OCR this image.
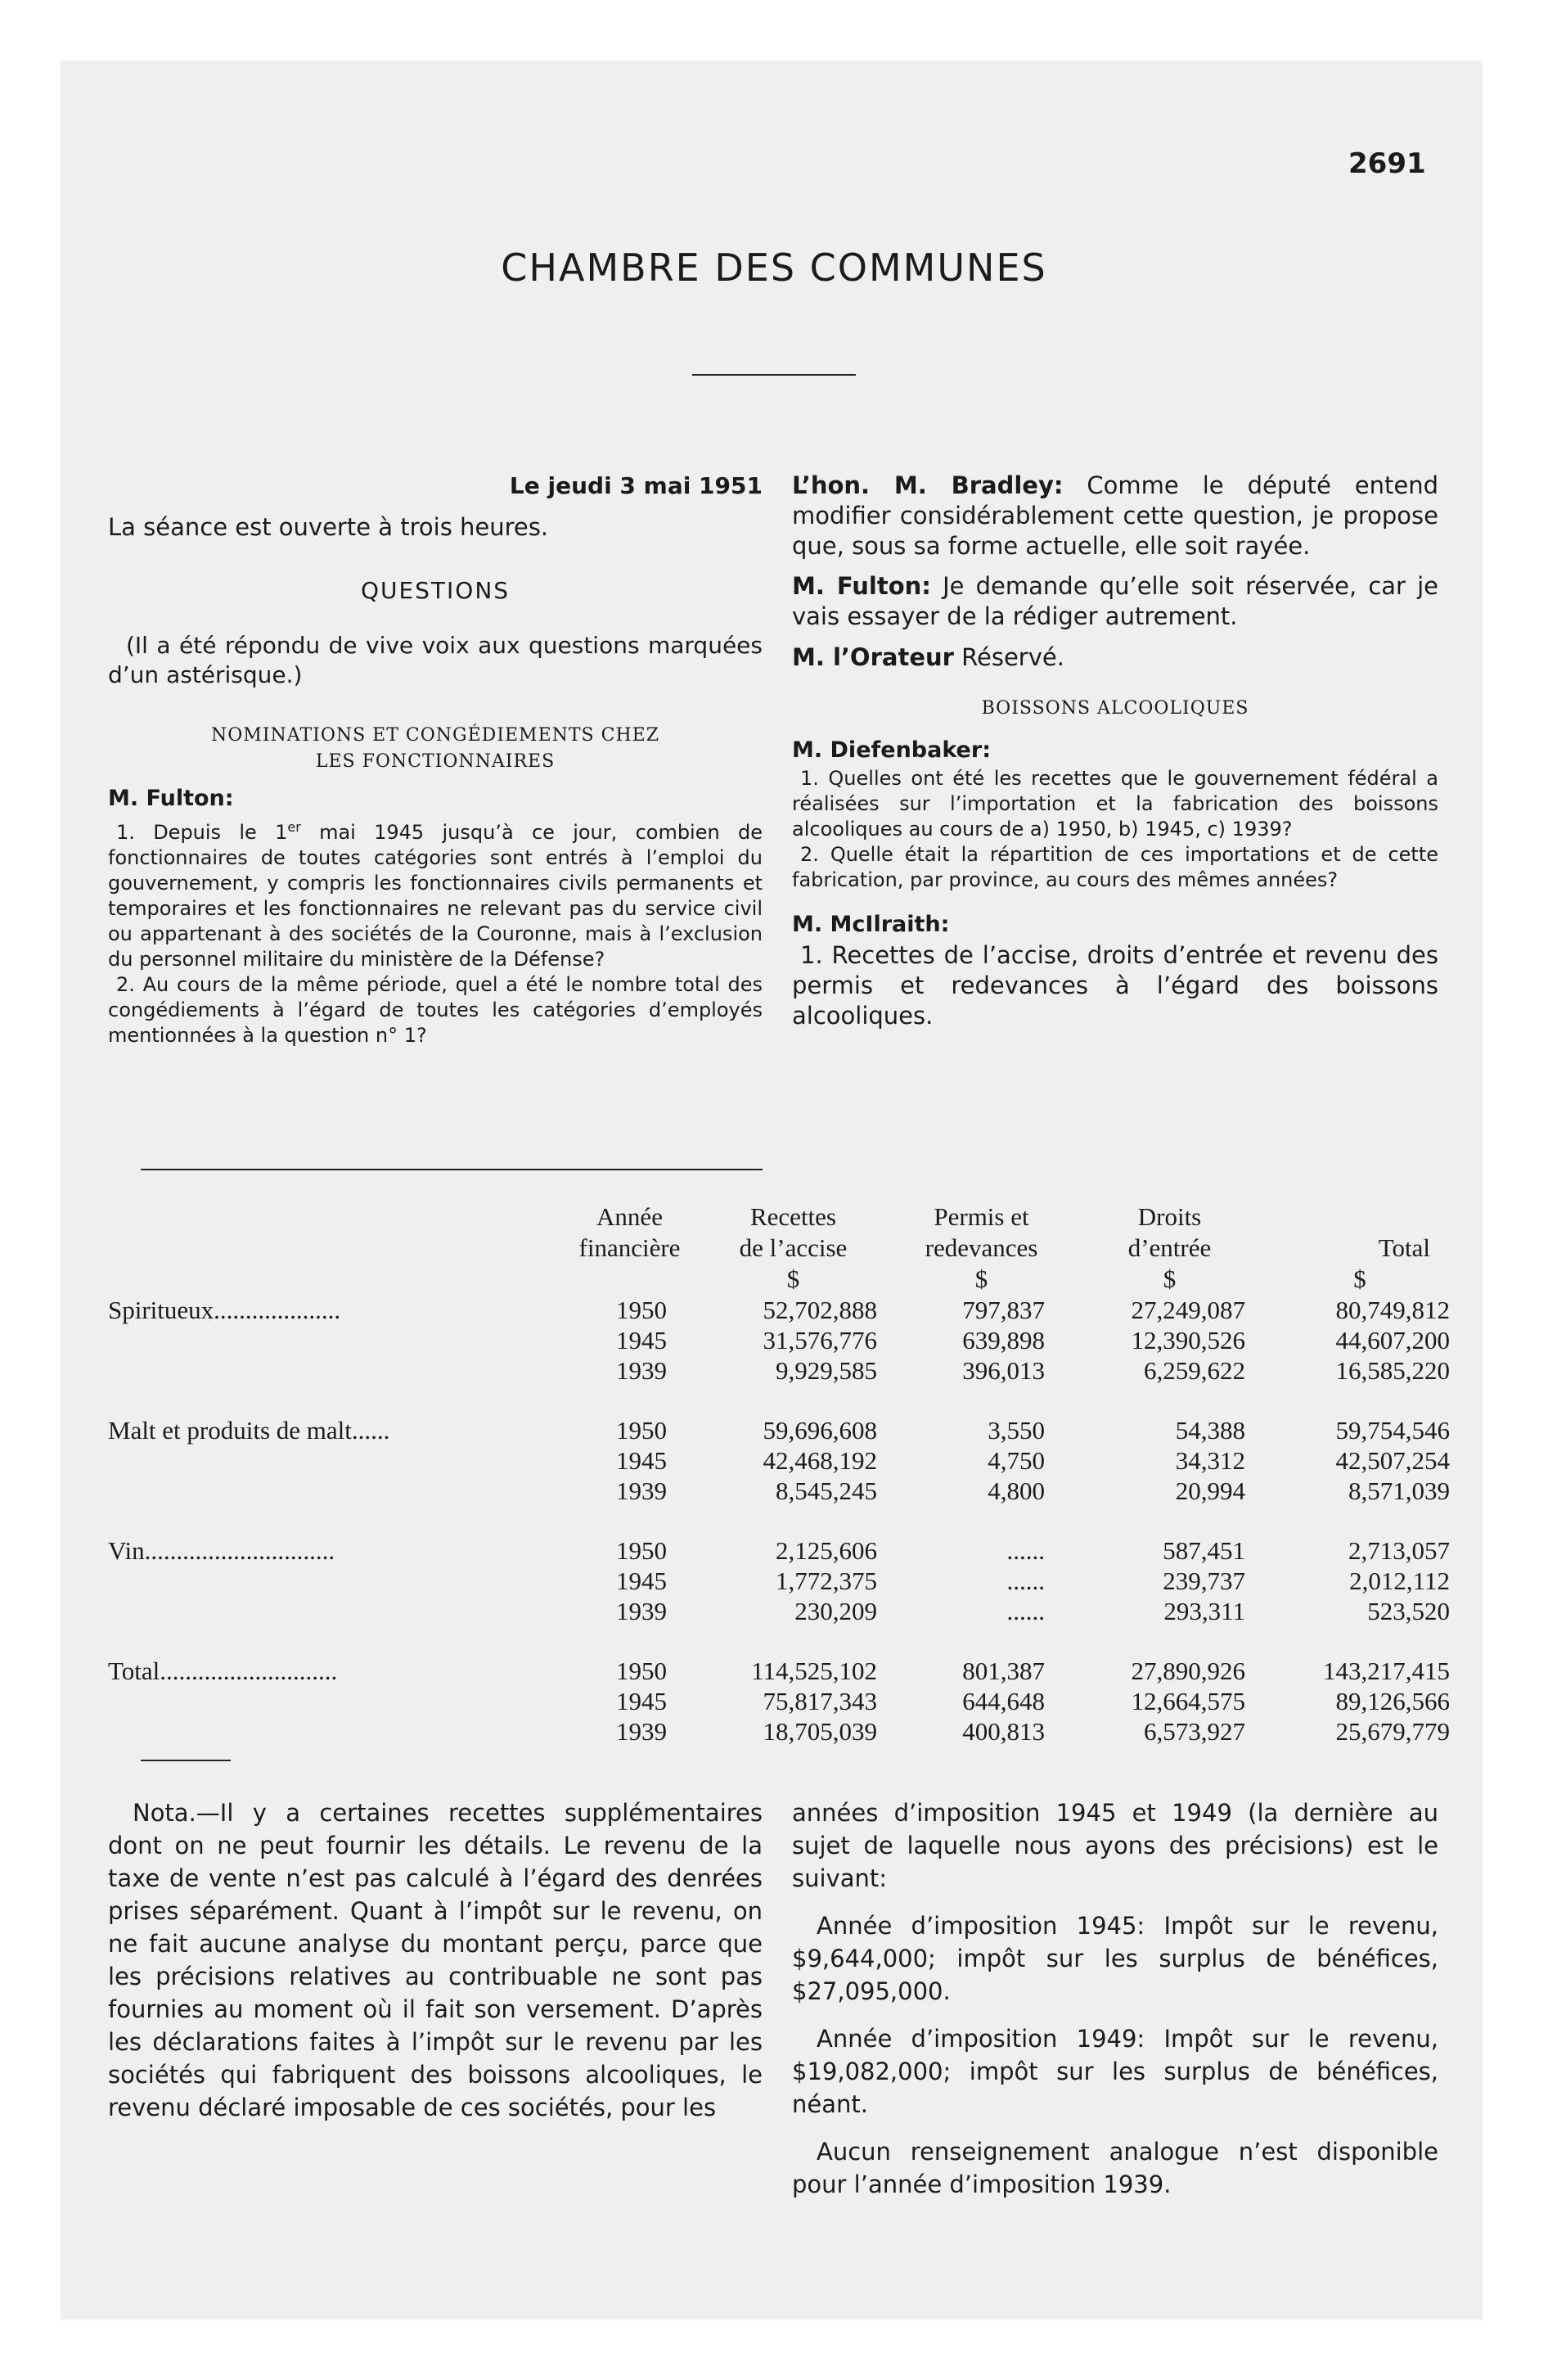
2691
CHAMBRE DES COMMUNES

Le jeudi 3 mai 1951

La séance est ouverte à trois heures.

QUESTIONS

(Il a été répondu de vive voix aux questions marquées d’un astérisque.)

NOMINATIONS ET CONGÉDIEMENTS CHEZ

LES FONCTIONNAIRES

M. Fulton:

1. Depuis le 1er mai 1945 jusqu’à ce jour, combien de fonctionnaires de toutes catégories sont entrés à l’emploi du gouvernement, y compris les fonctionnaires civils permanents et temporaires et les fonctionnaires ne relevant pas du service civil ou appartenant à des sociétés de la Couronne, mais à l’exclusion du personnel militaire du ministère de la Défense?

2. Au cours de la même période, quel a été le nombre total des congédiements à l’égard de toutes les catégories d’employés mentionnées à la question n° 1?

L’hon. M. Bradley: Comme le député entend modifier considérablement cette question, je propose que, sous sa forme actuelle, elle soit rayée.

M. Fulton: Je demande qu’elle soit réservée, car je vais essayer de la rédiger autrement.

M. l’Orateur Réservé.

BOISSONS ALCOOLIQUES

M. Diefenbaker:

1. Quelles ont été les recettes que le gouvernement fédéral a réalisées sur l’importation et la fabrication des boissons alcooliques au cours de a) 1950, b) 1945, c) 1939?

2. Quelle était la répartition de ces importations et de cette fabrication, par province, au cours des mêmes années?

M. McIlraith:

1. Recettes de l’accise, droits d’entrée et revenu des permis et redevances à l’égard des boissons alcooliques.

	Année	Recettes	Permis et	Droits	
	financière	de l’accise	redevances	d’entrée	Total
		$	$	$	$
Spiritueux....................	1950	52,702,888	797,837	27,249,087	80,749,812
	1945	31,576,776	639,898	12,390,526	44,607,200
	1939	9,929,585	396,013	6,259,622	16,585,220

Malt et produits de malt......	1950	59,696,608	3,550	54,388	59,754,546
	1945	42,468,192	4,750	34,312	42,507,254
	1939	8,545,245	4,800	20,994	8,571,039

Vin..............................	1950	2,125,606	......	587,451	2,713,057
	1945	1,772,375	......	239,737	2,012,112
	1939	230,209	......	293,311	523,520

Total............................	1950	114,525,102	801,387	27,890,926	143,217,415
	1945	75,817,343	644,648	12,664,575	89,126,566
	1939	18,705,039	400,813	6,573,927	25,679,779

Nota.—Il y a certaines recettes supplémentaires dont on ne peut fournir les détails. Le revenu de la taxe de vente n’est pas calculé à l’égard des denrées prises séparément. Quant à l’impôt sur le revenu, on ne fait aucune analyse du montant perçu, parce que les précisions relatives au contribuable ne sont pas fournies au moment où il fait son versement. D’après les déclarations faites à l’impôt sur le revenu par les sociétés qui fabriquent des boissons alcooliques, le revenu déclaré imposable de ces sociétés, pour les

années d’imposition 1945 et 1949 (la dernière au sujet de laquelle nous ayons des précisions) est le suivant:

Année d’imposition 1945: Impôt sur le revenu, $9,644,000; impôt sur les surplus de bénéfices, $27,095,000.

Année d’imposition 1949: Impôt sur le revenu, $19,082,000; impôt sur les surplus de bénéfices, néant.

Aucun renseignement analogue n’est disponible pour l’année d’imposition 1939.
